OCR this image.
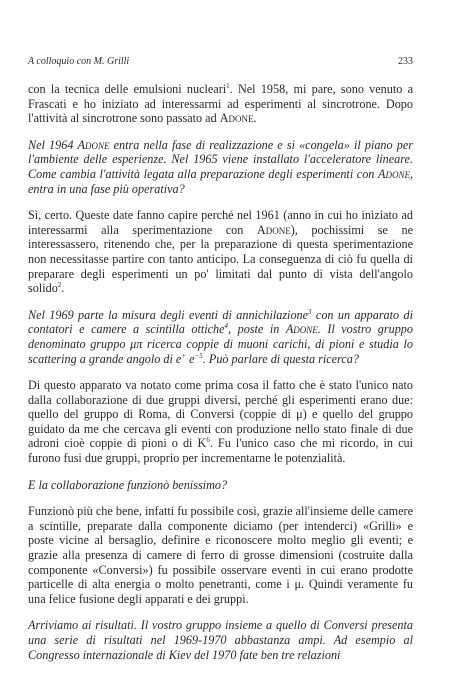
A colloquio con M. Grilli	233

con la tecnica delle emulsioni nucleari$^1$. Nel 1958, mi pare, sono venuto a Frascati e ho iniziato ad interessarmi ad esperimenti al sincrotrone. Dopo l'attività al sincrotrone sono passato ad Adone.

Nel 1964 Adone entra nella fase di realizzazione e si «congela» il piano per l'ambiente delle esperienze. Nel 1965 viene installato l'acceleratore lineare. Come cambia l'attività legata alla preparazione degli esperimenti con Adone, entra in una fase più operativa?

Sì, certo. Queste date fanno capire perché nel 1961 (anno in cui ho iniziato ad interessarmi alla sperimentazione con Adone), pochissimi se ne interessassero, ritenendo che, per la preparazione di questa sperimentazione non necessitasse partire con tanto anticipo. La conseguenza di ciò fu quella di preparare degli esperimenti un po' limitati dal punto di vista dell'angolo solido$^2$.

Nel 1969 parte la misura degli eventi di annichilazione$^3$ con un apparato di contatori e camere a scintilla ottiche$^4$, poste in Adone. Il vostro gruppo denominato gruppo μπ ricerca coppie di muoni carichi, di pioni e studia lo scattering a grande angolo di e+ $e^{-5}$. Può parlare di questa ricerca?

Di questo apparato va notato come prima cosa il fatto che è stato l'unico nato dalla collaborazione di due gruppi diversi, perché gli esperimenti erano due: quello del gruppo di Roma, di Conversi (coppie di μ) e quello del gruppo guidato da me che cercava gli eventi con produzione nello stato finale di due adroni cioè coppie di pioni o di $K^6$. Fu l'unico caso che mi ricordo, in cui furono fusi due gruppi, proprio per incrementarne le potenzialità.

E la collaborazione funzionò benissimo?

Funzionò più che bene, infatti fu possibile così, grazie all'insieme delle camere a scintille, preparate dalla componente diciamo (per intenderci) «Grilli» e poste vicine al bersaglio, definire e riconoscere molto meglio gli eventi; e grazie alla presenza di camere di ferro di grosse dimensioni (costruite dalla componente «Conversi») fu possibile osservare eventi in cui erano prodotte particelle di alta energia o molto penetranti, come i μ. Quindi veramente fu una felice fusione degli apparati e dei gruppi.

Arriviamo ai risultati. Il vostro gruppo insieme a quello di Conversi presenta una serie di risultati nel 1969-1970 abbastanza ampi. Ad esempio al Congresso internazionale di Kiev del 1970 fate ben tre relazioni
